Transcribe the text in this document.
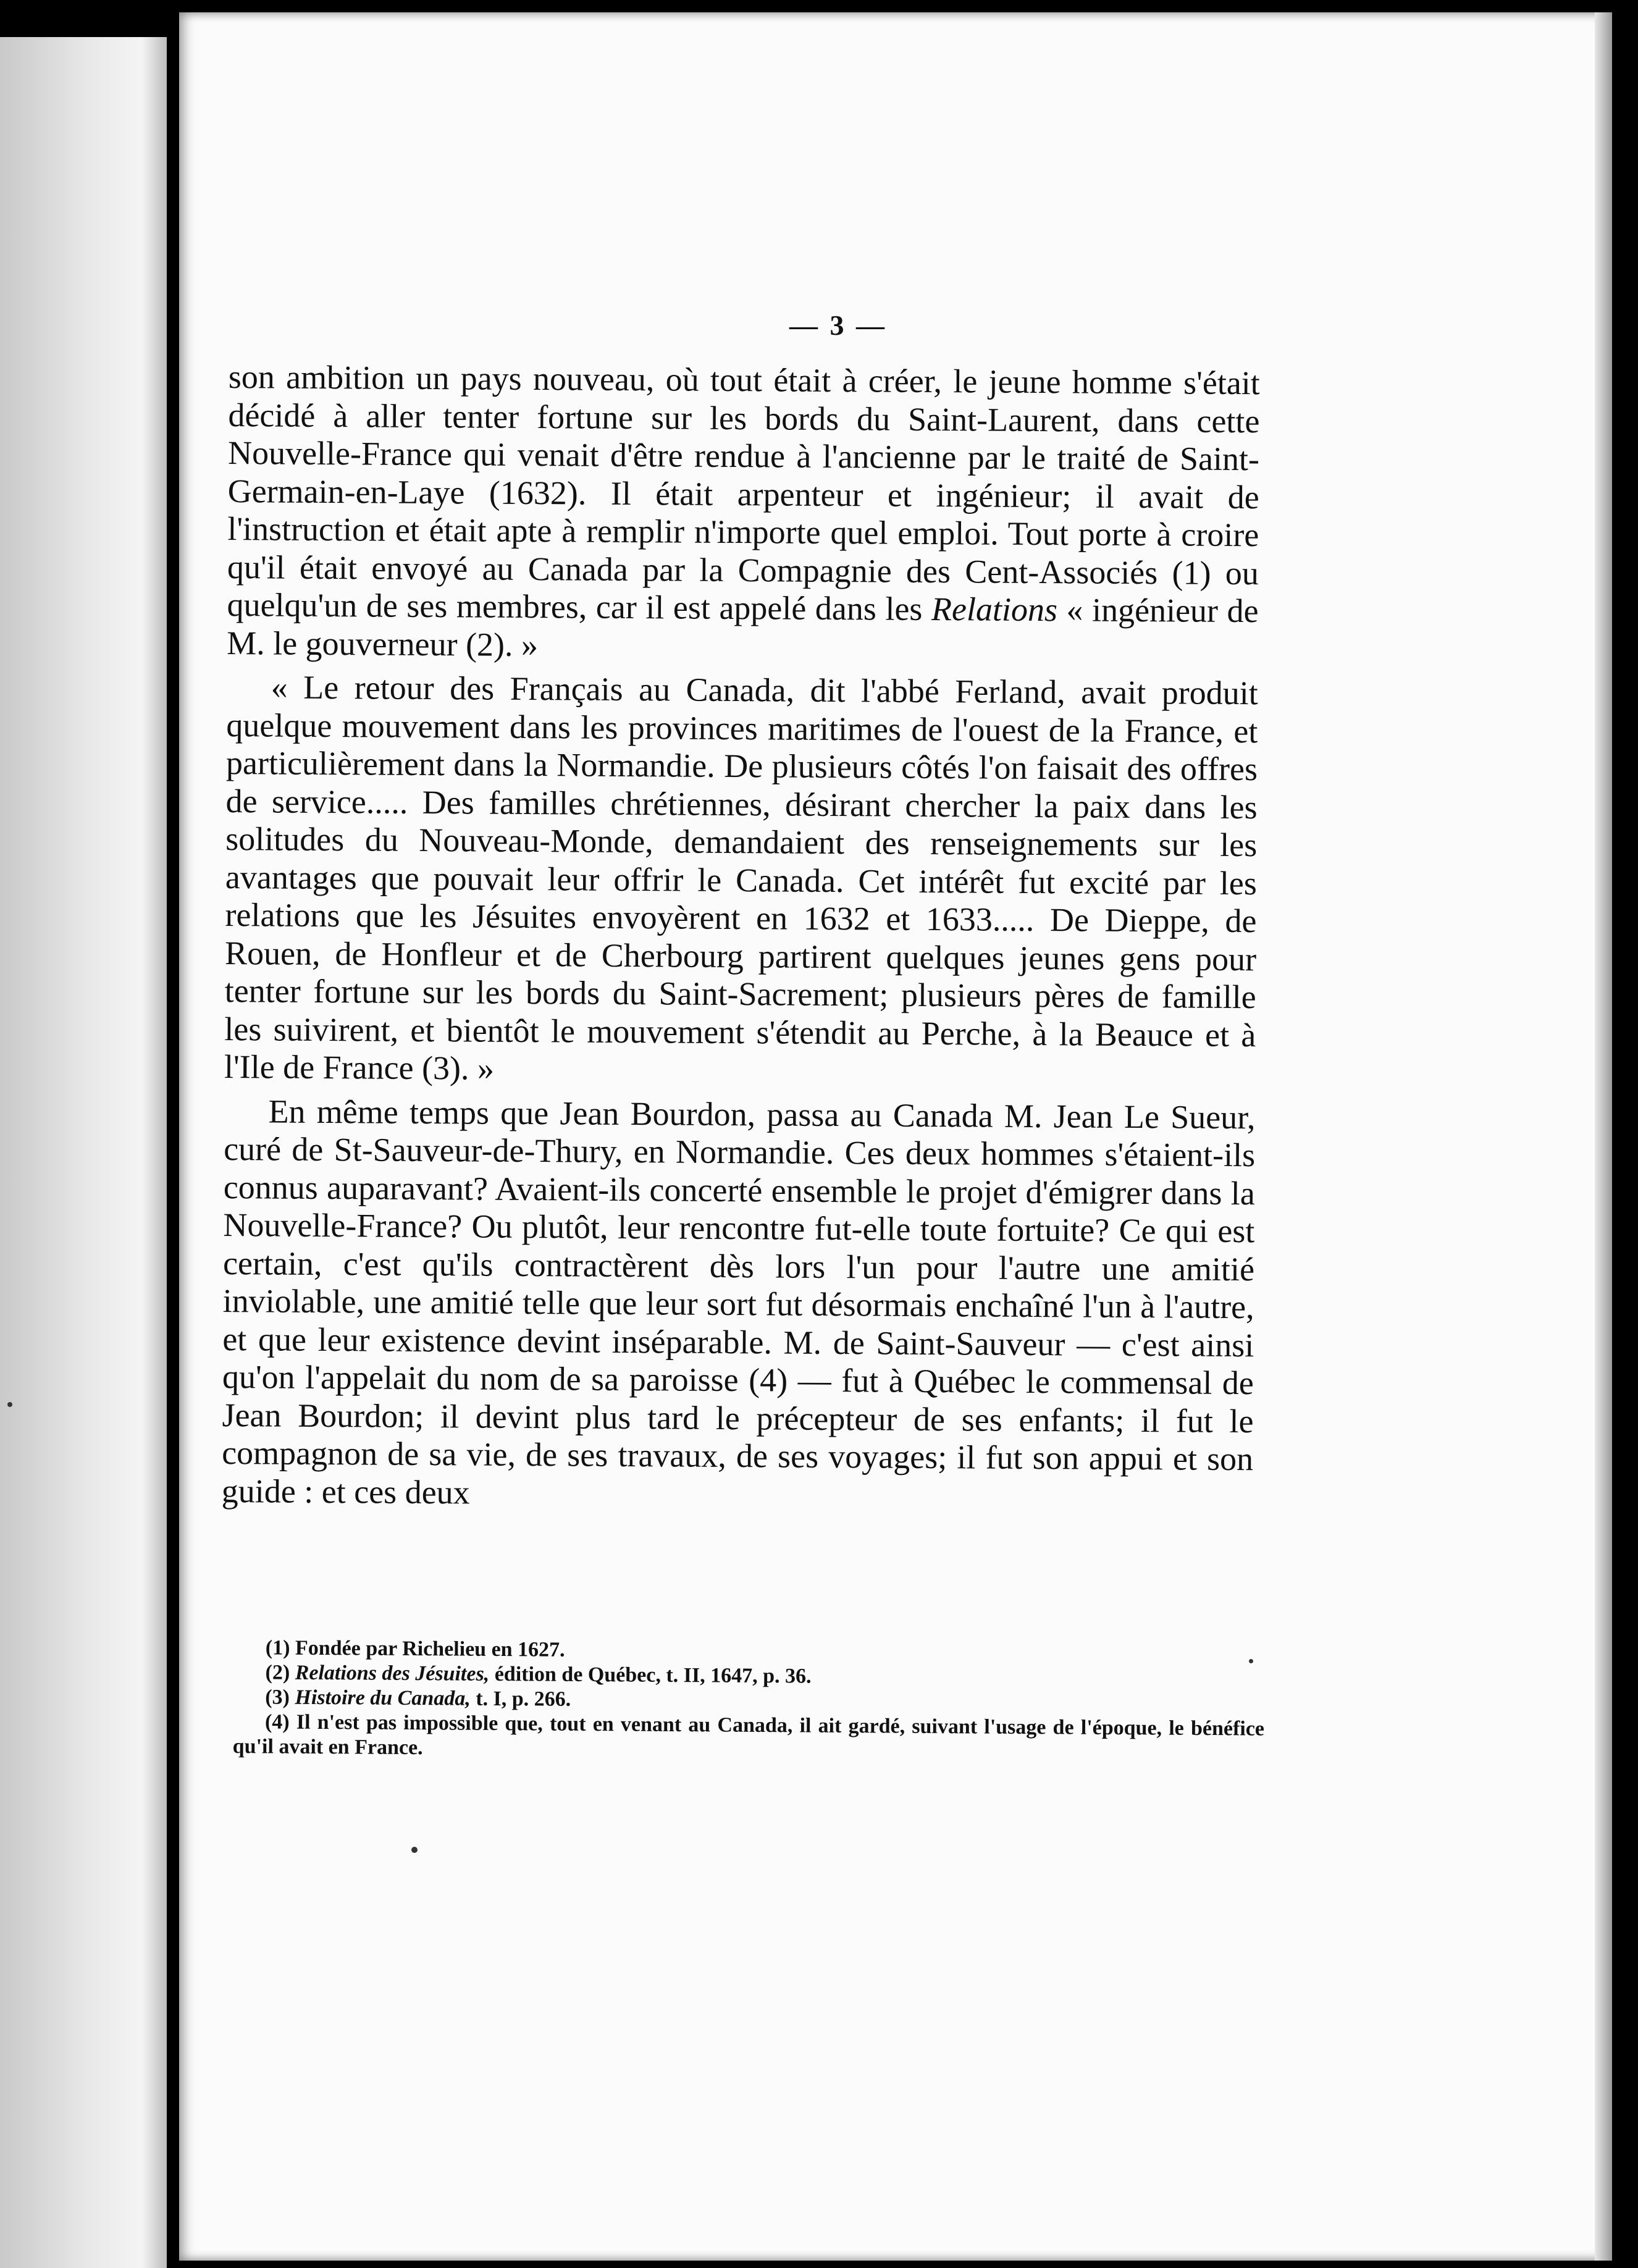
— 3 —

son ambition un pays nouveau, où tout était à créer, le jeune homme s'était décidé à aller tenter fortune sur les bords du Saint-Laurent, dans cette Nouvelle-France qui venait d'être rendue à l'ancienne par le traité de Saint-Germain-en-Laye (1632). Il était arpenteur et ingénieur; il avait de l'instruction et était apte à remplir n'importe quel emploi. Tout porte à croire qu'il était envoyé au Canada par la Compagnie des Cent-Associés (1) ou quelqu'un de ses membres, car il est appelé dans les Relations « ingénieur de M. le gouverneur (2). »

« Le retour des Français au Canada, dit l'abbé Ferland, avait produit quelque mouvement dans les provinces maritimes de l'ouest de la France, et particulièrement dans la Normandie. De plusieurs côtés l'on faisait des offres de service..... Des familles chrétiennes, désirant chercher la paix dans les solitudes du Nouveau-Monde, demandaient des renseignements sur les avantages que pouvait leur offrir le Canada. Cet intérêt fut excité par les relations que les Jésuites envoyèrent en 1632 et 1633..... De Dieppe, de Rouen, de Honfleur et de Cherbourg partirent quelques jeunes gens pour tenter fortune sur les bords du Saint-Sacrement; plusieurs pères de famille les suivirent, et bientôt le mouvement s'étendit au Perche, à la Beauce et à l'Ile de France (3). »

En même temps que Jean Bourdon, passa au Canada M. Jean Le Sueur, curé de St-Sauveur-de-Thury, en Normandie. Ces deux hommes s'étaient-ils connus auparavant? Avaient-ils concerté ensemble le projet d'émigrer dans la Nouvelle-France? Ou plutôt, leur rencontre fut-elle toute fortuite? Ce qui est certain, c'est qu'ils contractèrent dès lors l'un pour l'autre une amitié inviolable, une amitié telle que leur sort fut désormais enchaîné l'un à l'autre, et que leur existence devint inséparable. M. de Saint-Sauveur — c'est ainsi qu'on l'appelait du nom de sa paroisse (4) — fut à Québec le commensal de Jean Bourdon; il devint plus tard le précepteur de ses enfants; il fut le compagnon de sa vie, de ses travaux, de ses voyages; il fut son appui et son guide : et ces deux

(1) Fondée par Richelieu en 1627.

(2) Relations des Jésuites, édition de Québec, t. II, 1647, p. 36.

(3) Histoire du Canada, t. I, p. 266.

(4) Il n'est pas impossible que, tout en venant au Canada, il ait gardé, suivant l'usage de l'époque, le bénéfice qu'il avait en France.
